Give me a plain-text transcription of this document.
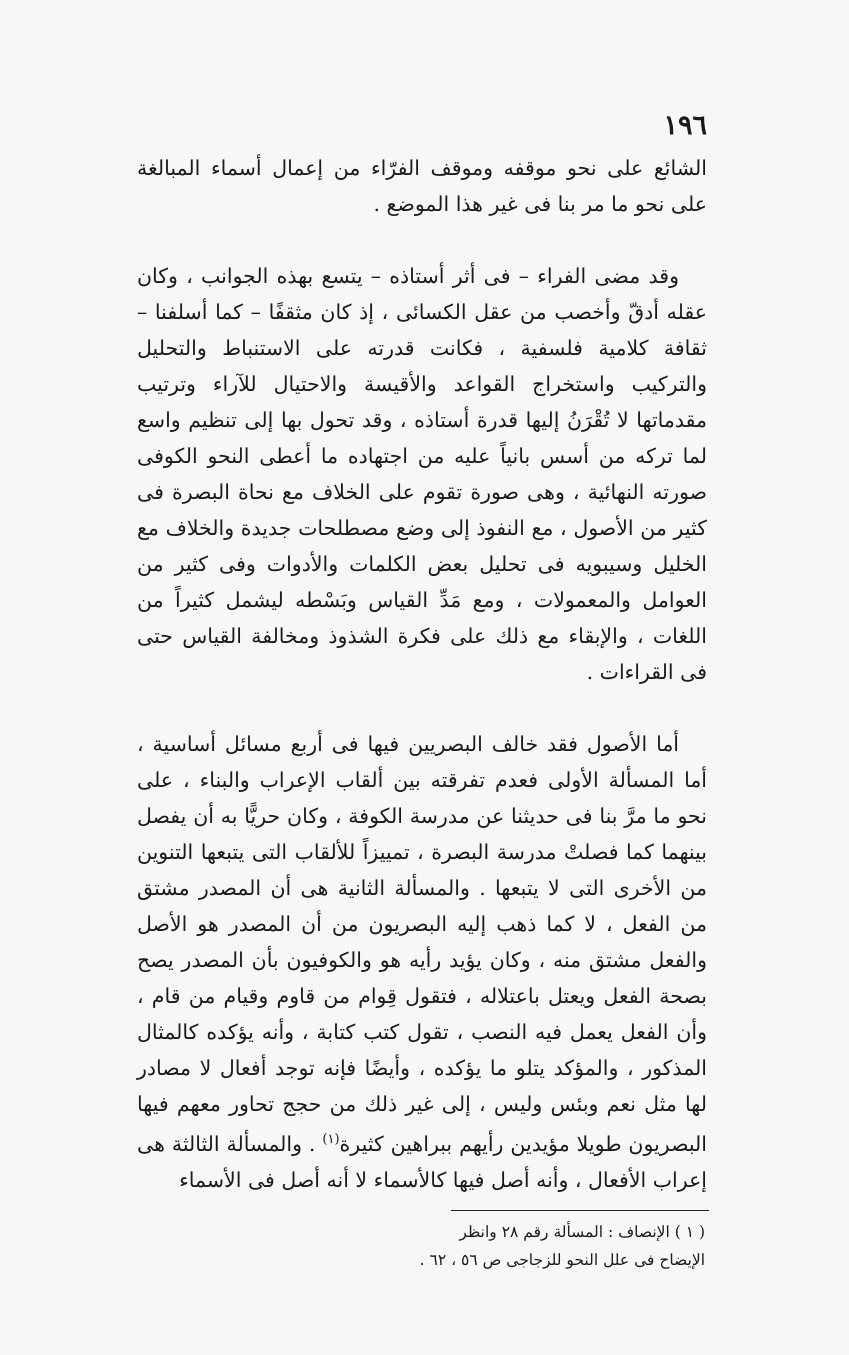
١٩٦

الشائع على نحو موقفه وموقف الفرّاء من إعمال أسماء المبالغة على نحو ما مر بنا فى غير هذا الموضع .

وقد مضى الفراء – فى أثر أستاذه – يتسع بهذه الجوانب ، وكان عقله أدقّ وأخصب من عقل الكسائى ، إذ كان مثقفًا – كما أسلفنا – ثقافة كلامية فلسفية ، فكانت قدرته على الاستنباط والتحليل والتركيب واستخراج القواعد والأقيسة والاحتيال للآراء وترتيب مقدماتها لا تُقْرَنُ إليها قدرة أستاذه ، وقد تحول بها إلى تنظيم واسع لما تركه من أسس بانياً عليه من اجتهاده ما أعطى النحو الكوفى صورته النهائية ، وهى صورة تقوم على الخلاف مع نحاة البصرة فى كثير من الأصول ، مع النفوذ إلى وضع مصطلحات جديدة والخلاف مع الخليل وسيبويه فى تحليل بعض الكلمات والأدوات وفى كثير من العوامل والمعمولات ، ومع مَدِّ القياس وبَسْطه ليشمل كثيراً من اللغات ، والإبقاء مع ذلك على فكرة الشذوذ ومخالفة القياس حتى فى القراءات .

أما الأصول فقد خالف البصريين فيها فى أربع مسائل أساسية ، أما المسألة الأولى فعدم تفرقته بين ألقاب الإعراب والبناء ، على نحو ما مرَّ بنا فى حديثنا عن مدرسة الكوفة ، وكان حريًّا به أن يفصل بينهما كما فصلتْ مدرسة البصرة ، تمييزاً للألقاب التى يتبعها التنوين من الأخرى التى لا يتبعها . والمسألة الثانية هى أن المصدر مشتق من الفعل ، لا كما ذهب إليه البصريون من أن المصدر هو الأصل والفعل مشتق منه ، وكان يؤيد رأيه هو والكوفيون بأن المصدر يصح بصحة الفعل ويعتل باعتلاله ، فتقول قِوام من قاوم وقيام من قام ، وأن الفعل يعمل فيه النصب ، تقول كتب كتابة ، وأنه يؤكده كالمثال المذكور ، والمؤكد يتلو ما يؤكده ، وأيضًا فإنه توجد أفعال لا مصادر لها مثل نعم وبئس وليس ، إلى غير ذلك من حجج تحاور معهم فيها البصريون طويلا مؤيدين رأيهم ببراهين كثيرة$^{(١)}$ . والمسألة الثالثة هى إعراب الأفعال ، وأنه أصل فيها كالأسماء لا أنه أصل فى الأسماء

( ١ ) الإنصاف : المسألة رقم ٢٨ وانظر
الإيضاح فى علل النحو للزجاجى ص ٥٦ ، ٦٢ .
